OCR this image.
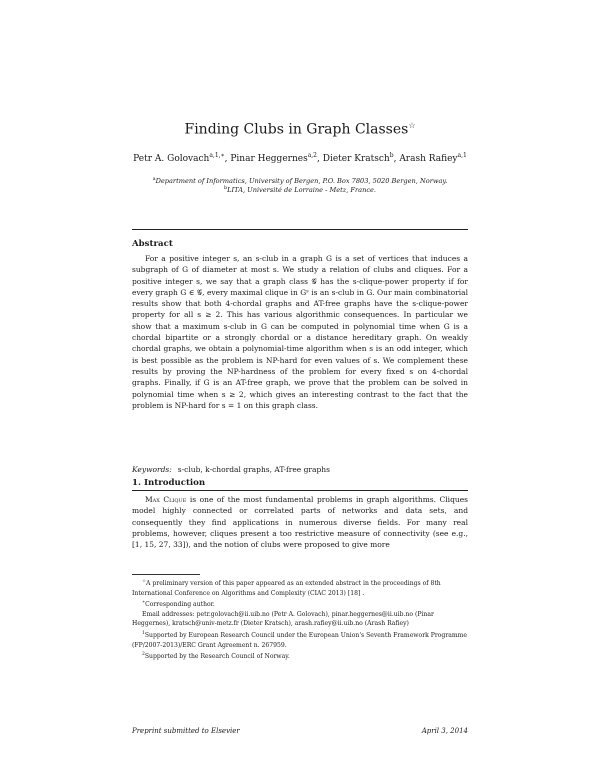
Finding Clubs in Graph Classes☆
Petr A. Golovach$^{a,1,∗}$, Pinar Heggernes$^{a,2}$, Dieter Kratsch$^b$, Arash Rafiey$^{a,1}$
$^a$Department of Informatics, University of Bergen, P.O. Box 7803, 5020 Bergen, Norway.
$^b$LITA, Université de Lorraine - Metz, France.
Abstract
For a positive integer s, an s-club in a graph G is a set of vertices that induces a subgraph of G of diameter at most s. We study a relation of clubs and cliques. For a positive integer s, we say that a graph class 𝒢 has the s-clique-power property if for every graph G ∈ 𝒢, every maximal clique in Gˢ is an s-club in G. Our main combinatorial results show that both 4-chordal graphs and AT-free graphs have the s-clique-power property for all s ≥ 2. This has various algorithmic consequences. In particular we show that a maximum s-club in G can be computed in polynomial time when G is a chordal bipartite or a strongly chordal or a distance hereditary graph. On weakly chordal graphs, we obtain a polynomial-time algorithm when s is an odd integer, which is best possible as the problem is NP-hard for even values of s. We complement these results by proving the NP-hardness of the problem for every fixed s on 4-chordal graphs. Finally, if G is an AT-free graph, we prove that the problem can be solved in polynomial time when s ≥ 2, which gives an interesting contrast to the fact that the problem is NP-hard for s = 1 on this graph class.
Keywords: s-club, k-chordal graphs, AT-free graphs
1. Introduction
Max Clique is one of the most fundamental problems in graph algorithms. Cliques model highly connected or correlated parts of networks and data sets, and consequently they find applications in numerous diverse fields. For many real problems, however, cliques present a too restrictive measure of connectivity (see e.g., [1, 15, 27, 33]), and the notion of clubs were proposed to give more
☆A preliminary version of this paper appeared as an extended abstract in the proceedings of 8th International Conference on Algorithms and Complexity (CIAC 2013) [18] .
∗Corresponding author.
Email addresses: petr.golovach@ii.uib.no (Petr A. Golovach), pinar.heggernes@ii.uib.no (Pinar Heggernes), kratsch@univ-metz.fr (Dieter Kratsch), arash.rafiey@ii.uib.no (Arash Rafiey)
$^1$Supported by European Research Council under the European Union's Seventh Framework Programme (FP/2007-2013)/ERC Grant Agreement n. 267959.
$^2$Supported by the Research Council of Norway.
Preprint submitted to Elsevier	April 3, 2014
